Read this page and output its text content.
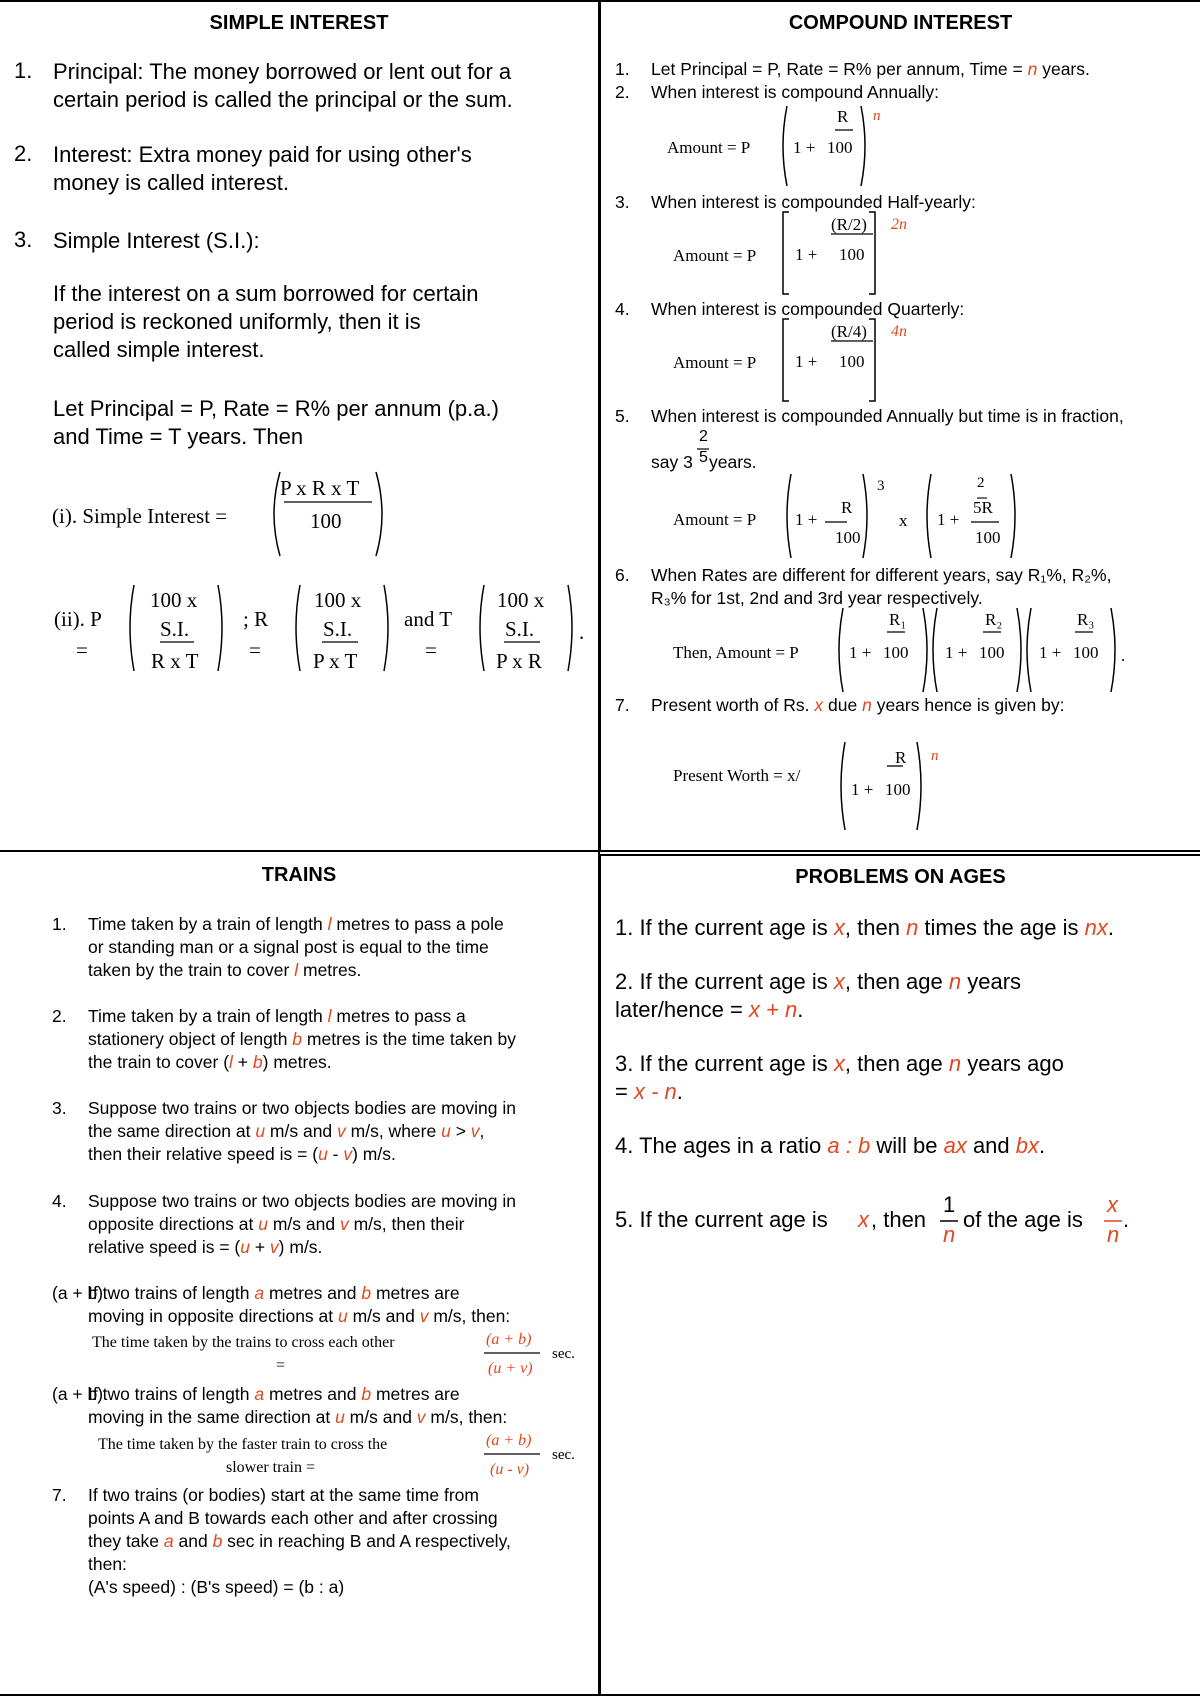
SIMPLE INTEREST
1. Principal: The money borrowed or lent out for a
certain period is called the principal or the sum.
2. Interest: Extra money paid for using other's
money is called interest.
3. Simple Interest (S.I.):
If the interest on a sum borrowed for certain
period is reckoned uniformly, then it is
called simple interest.
Let Principal = P, Rate = R% per annum (p.a.)
and Time = T years. Then
(i). Simple Interest =
P x R x T
100
(ii). P
=
100 x
S.I.
R x T
; R
=
100 x
S.I.
P x T
and T
=
100 x
S.I.
P x R
.
COMPOUND INTEREST
1. Let Principal = P, Rate = R% per annum, Time = n years.
2. When interest is compound Annually:
Amount = P	1 +
R
100
n
3. When interest is compounded Half-yearly:
Amount = P 1 +
(R/2)
100
2n
4. When interest is compounded Quarterly:
Amount = P 1 +
(R/4)
100
4n
5. When interest is compounded Annually but time is in fraction,
say 3
2
5 years.
Amount = P 1 +
R
100
3
x 1 +
2
5R
100
6. When Rates are different for different years, say R₁%, R₂%,
R₃% for 1st, 2nd and 3rd year respectively.
Then, Amount = P	1 +
R₁
100 1 +
R₂
100 1 +
R₃
100 .
7. Present worth of Rs. x due n years hence is given by:
Present Worth = x/
1 +
R
100
n
TRAINS
1. Time taken by a train of length l metres to pass a pole
or standing man or a signal post is equal to the time
taken by the train to cover l metres.
2. Time taken by a train of length l metres to pass a
stationery object of length b metres is the time taken by
the train to cover (l + b) metres.
3. Suppose two trains or two objects bodies are moving in
the same direction at u m/s and v m/s, where u > v,
then their relative speed is = (u - v) m/s.
4. Suppose two trains or two objects bodies are moving in
opposite directions at u m/s and v m/s, then their
relative speed is = (u + v) m/s.
(a + b)
If two trains of length a metres and b metres are
moving in opposite directions at u m/s and v m/s, then:
The time taken by the trains to cross each other
=
(a + b)
(u + v)
sec.
(a + b)
If two trains of length a metres and b metres are
moving in the same direction at u m/s and v m/s, then:
The time taken by the faster train to cross the
slower train =
(a + b)
(u - v)
sec.
7. If two trains (or bodies) start at the same time from
points A and B towards each other and after crossing
they take a and b sec in reaching B and A respectively,
then:
(A's speed) : (B's speed) = (b : a)
PROBLEMS ON AGES
1. If the current age is x, then n times the age is nx.
2. If the current age is x, then age n years
later/hence = x + n.
3. If the current age is x, then age n years ago
= x - n.
4. The ages in a ratio a : b will be ax and bx.
5. If the current age is x , then
1
n
of the age is
x
n
.
